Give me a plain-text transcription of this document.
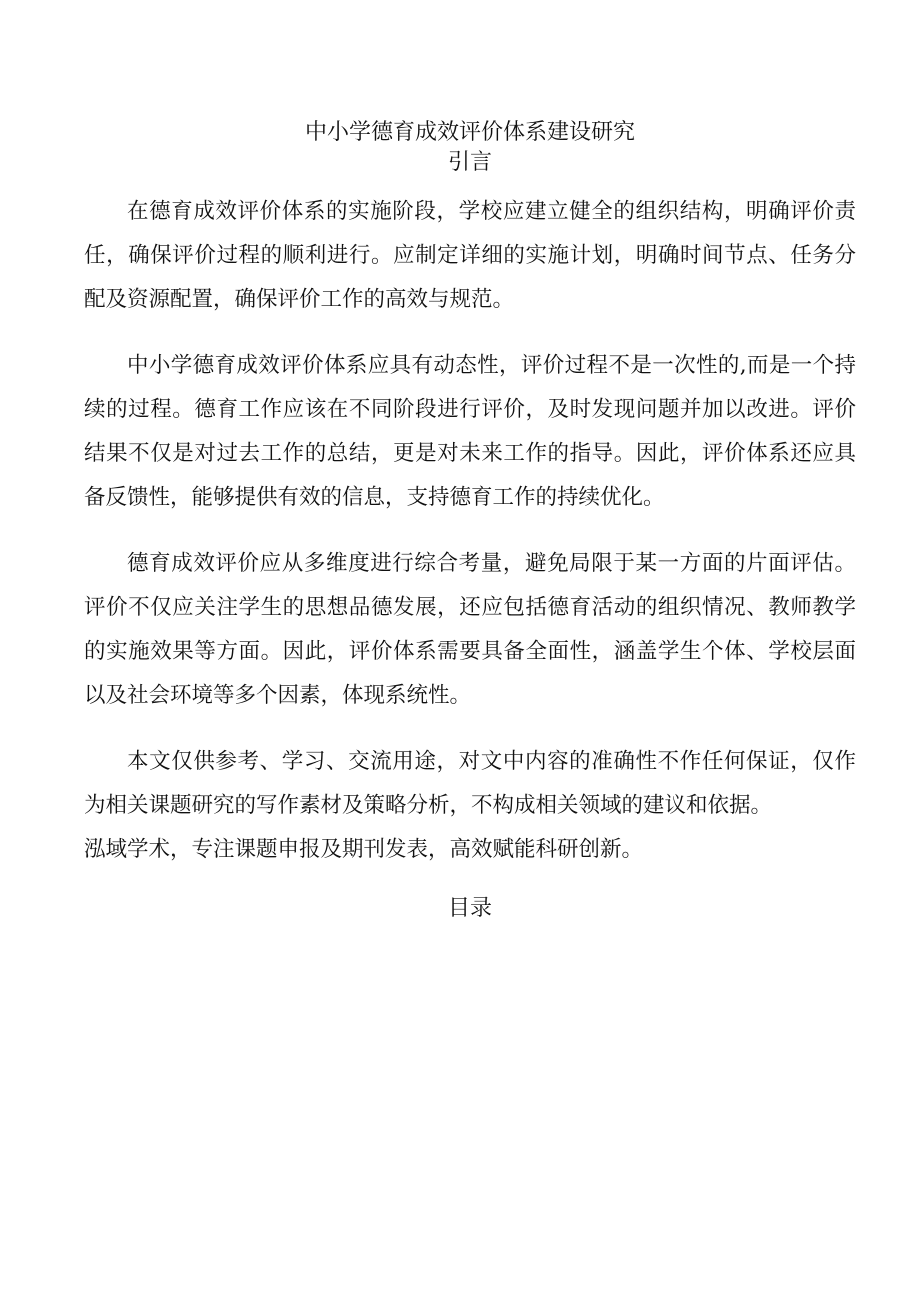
中小学德育成效评价体系建设研究
引言

在德育成效评价体系的实施阶段，学校应建立健全的组织结构，明确评价责任，确保评价过程的顺利进行。应制定详细的实施计划，明确时间节点、任务分配及资源配置，确保评价工作的高效与规范。

中小学德育成效评价体系应具有动态性，评价过程不是一次性的,而是一个持续的过程。德育工作应该在不同阶段进行评价，及时发现问题并加以改进。评价结果不仅是对过去工作的总结，更是对未来工作的指导。因此，评价体系还应具备反馈性，能够提供有效的信息，支持德育工作的持续优化。

德育成效评价应从多维度进行综合考量，避免局限于某一方面的片面评估。评价不仅应关注学生的思想品德发展，还应包括德育活动的组织情况、教师教学的实施效果等方面。因此，评价体系需要具备全面性，涵盖学生个体、学校层面以及社会环境等多个因素，体现系统性。

本文仅供参考、学习、交流用途，对文中内容的准确性不作任何保证，仅作为相关课题研究的写作素材及策略分析，不构成相关领域的建议和依据。

泓域学术，专注课题申报及期刊发表，高效赋能科研创新。

目录
